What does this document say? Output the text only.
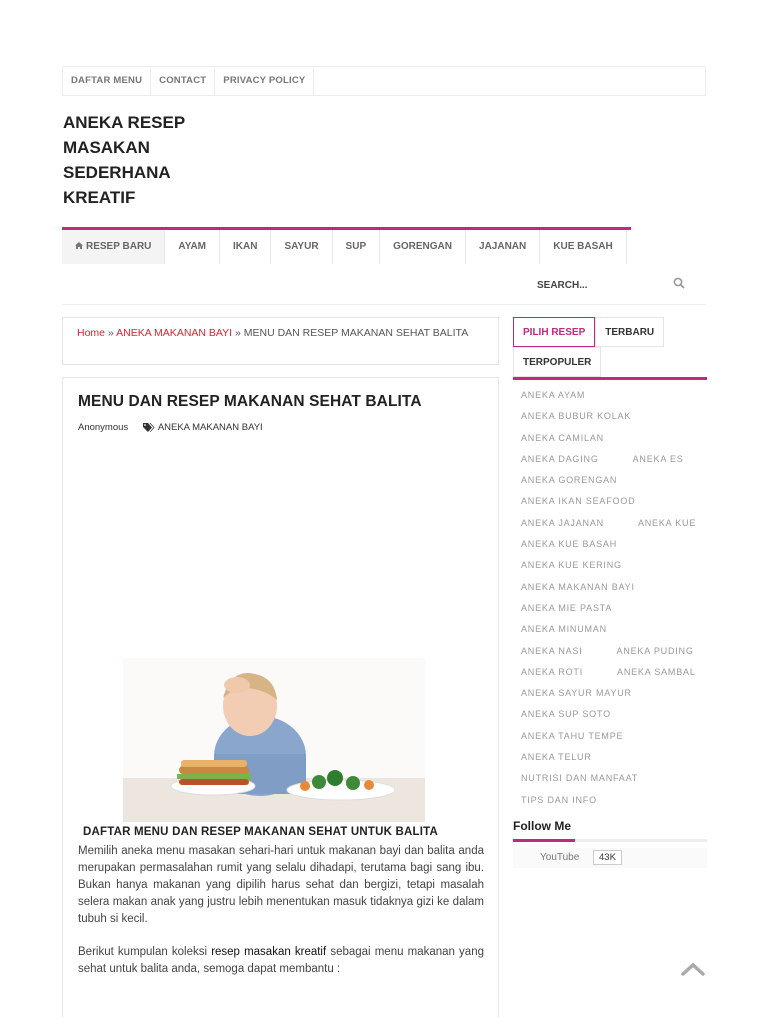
DAFTAR MENU	CONTACT	PRIVACY POLICY
ANEKA RESEP MASAKAN SEDERHANA KREATIF
RESEP BARU	AYAM	IKAN	SAYUR	SUP	GORENGAN	JAJANAN	KUE BASAH
SEARCH...
Home » ANEKA MAKANAN BAYI » MENU DAN RESEP MAKANAN SEHAT BALITA
MENU DAN RESEP MAKANAN SEHAT BALITA
Anonymous	ANEKA MAKANAN BAYI
DAFTAR MENU DAN RESEP MAKANAN SEHAT UNTUK BALITA

Memilih aneka menu masakan sehari-hari untuk makanan bayi dan balita anda merupakan permasalahan rumit yang selalu dihadapi, terutama bagi sang ibu. Bukan hanya makanan yang dipilih harus sehat dan bergizi, tetapi masalah selera makan anak yang justru lebih menentukan masuk tidaknya gizi ke dalam tubuh si kecil.

Berikut kumpulan koleksi resep masakan kreatif sebagai menu makanan yang sehat untuk balita anda, semoga dapat membantu :

PILIH RESEP TERBARU
TERPOPULER
ANEKA AYAM
ANEKA BUBUR KOLAK
ANEKA CAMILAN
ANEKA DAGING	ANEKA ES
ANEKA GORENGAN
ANEKA IKAN SEAFOOD
ANEKA JAJANAN	ANEKA KUE
ANEKA KUE BASAH
ANEKA KUE KERING
ANEKA MAKANAN BAYI
ANEKA MIE PASTA
ANEKA MINUMAN
ANEKA NASI	ANEKA PUDING
ANEKA ROTI	ANEKA SAMBAL
ANEKA SAYUR MAYUR
ANEKA SUP SOTO
ANEKA TAHU TEMPE
ANEKA TELUR
NUTRISI DAN MANFAAT
TIPS DAN INFO
Follow Me
YouTube	43K
